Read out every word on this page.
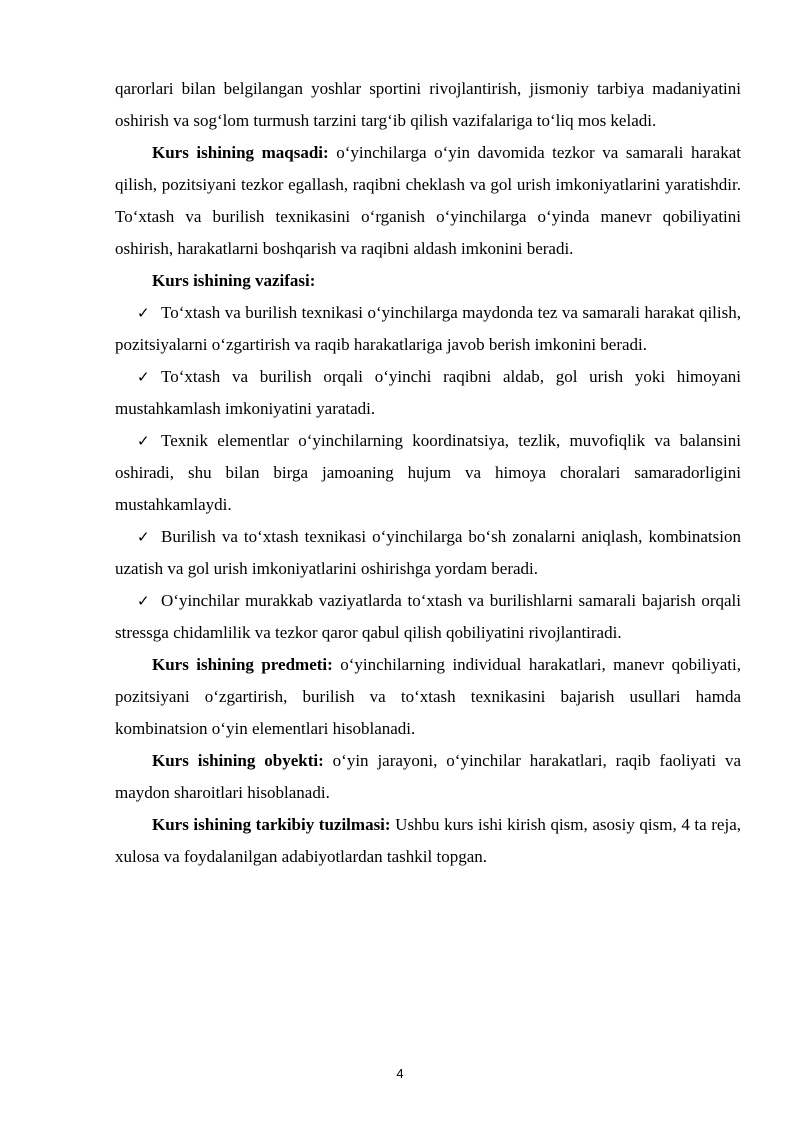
qarorlari bilan belgilangan yoshlar sportini rivojlantirish, jismoniy tarbiya madaniyatini oshirish va sog‘lom turmush tarzini targ‘ib qilish vazifalariga to‘liq mos keladi.

Kurs ishining maqsadi: o‘yinchilarga o‘yin davomida tezkor va samarali harakat qilish, pozitsiyani tezkor egallash, raqibni cheklash va gol urish imkoniyatlarini yaratishdir. To‘xtash va burilish texnikasini o‘rganish o‘yinchilarga o‘yinda manevr qobiliyatini oshirish, harakatlarni boshqarish va raqibni aldash imkonini beradi.

Kurs ishining vazifasi:

✓ To‘xtash va burilish texnikasi o‘yinchilarga maydonda tez va samarali harakat qilish, pozitsiyalarni o‘zgartirish va raqib harakatlariga javob berish imkonini beradi.

✓ To‘xtash va burilish orqali o‘yinchi raqibni aldab, gol urish yoki himoyani mustahkamlash imkoniyatini yaratadi.

✓ Texnik elementlar o‘yinchilarning koordinatsiya, tezlik, muvofiqlik va balansini oshiradi, shu bilan birga jamoaning hujum va himoya choralari samaradorligini mustahkamlaydi.

✓ Burilish va to‘xtash texnikasi o‘yinchilarga bo‘sh zonalarni aniqlash, kombinatsion uzatish va gol urish imkoniyatlarini oshirishga yordam beradi.

✓ O‘yinchilar murakkab vaziyatlarda to‘xtash va burilishlarni samarali bajarish orqali stressga chidamlilik va tezkor qaror qabul qilish qobiliyatini rivojlantiradi.

Kurs ishining predmeti: o‘yinchilarning individual harakatlari, manevr qobiliyati, pozitsiyani o‘zgartirish, burilish va to‘xtash texnikasini bajarish usullari hamda kombinatsion o‘yin elementlari hisoblanadi.

Kurs ishining obyekti: o‘yin jarayoni, o‘yinchilar harakatlari, raqib faoliyati va maydon sharoitlari hisoblanadi.

Kurs ishining tarkibiy tuzilmasi: Ushbu kurs ishi kirish qism, asosiy qism, 4 ta reja, xulosa va foydalanilgan adabiyotlardan tashkil topgan.

4
